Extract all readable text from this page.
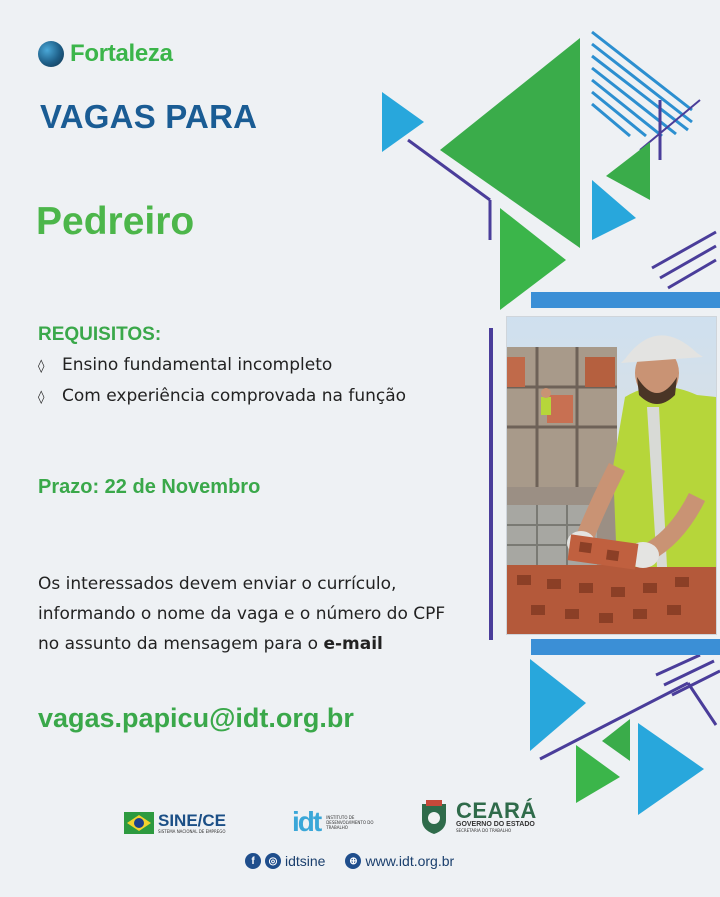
Fortaleza
VAGAS PARA
Pedreiro
REQUISITOS:
◊ Ensino fundamental incompleto
◊ Com experiência comprovada na função
Prazo: 22 de Novembro
Os interessados devem enviar o currículo,
informando o nome da vaga e o número do CPF
no assunto da mensagem para o e-mail
vagas.papicu@idt.org.br
SINE/CE
SISTEMA NACIONAL DE EMPREGO idt INSTITUTO DE DESENVOLVIMENTO DO TRABALHO
CEARÁ
GOVERNO DO ESTADO
SECRETARIA DO TRABALHO
f	◎ idtsine	⊕ www.idt.org.br
